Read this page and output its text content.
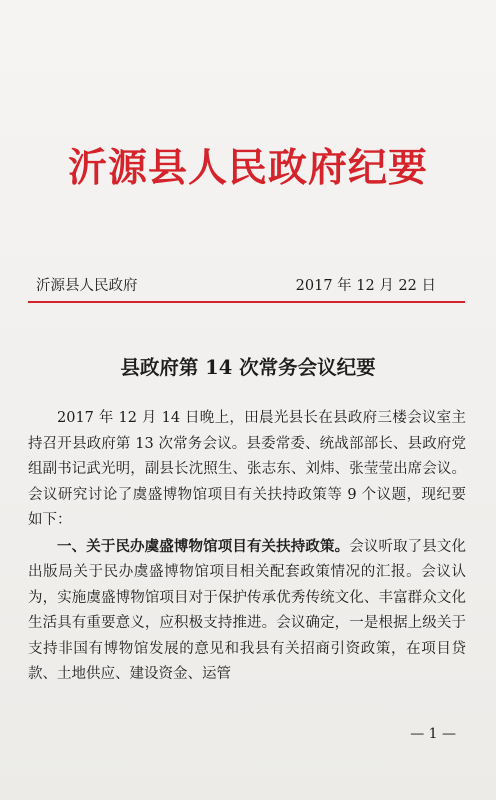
沂源县人民政府纪要
沂源县人民政府	2017 年 12 月 22 日
县政府第 14 次常务会议纪要

2017 年 12 月 14 日晚上，田晨光县长在县政府三楼会议室主持召开县政府第 13 次常务会议。县委常委、统战部部长、县政府党组副书记武光明，副县长沈照生、张志东、刘炜、张莹莹出席会议。会议研究讨论了虞盛博物馆项目有关扶持政策等 9 个议题，现纪要如下：

一、关于民办虞盛博物馆项目有关扶持政策。会议听取了县文化出版局关于民办虞盛博物馆项目相关配套政策情况的汇报。会议认为，实施虞盛博物馆项目对于保护传承优秀传统文化、丰富群众文化生活具有重要意义，应积极支持推进。会议确定，一是根据上级关于支持非国有博物馆发展的意见和我县有关招商引资政策，在项目贷款、土地供应、建设资金、运管

— 1 —
